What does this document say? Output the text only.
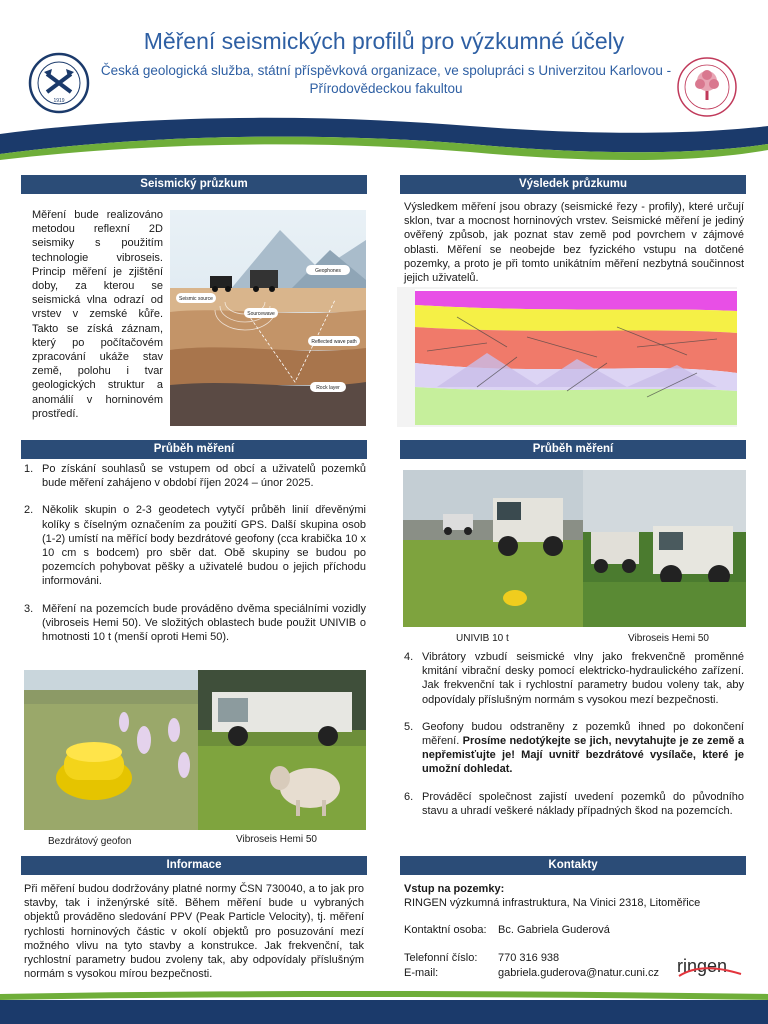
Měření seismických profilů pro výzkumné účely
1919
Česká geologická služba, státní příspěvková organizace, ve spolupráci s Univerzitou Karlovou - Přírodovědeckou fakultou
Seismický průzkum
Měření bude realizováno metodou reflexní 2D seismiky s použitím technologie vibroseis. Princip měření je zjištění doby, za kterou se seismická vlna odrazí od vrstev v zemské kůře. Takto se získá záznam, který po počítačovém zpracování ukáže stav země, polohu i tvar geologických struktur a anomálií v horninovém prostředí.
Geophones
Seismic source
Sourcewave
Reflected wave path
Rock layer
Výsledek průzkumu
Výsledkem měření jsou obrazy (seismické řezy - profily), které určují sklon, tvar a mocnost horninových vrstev. Seismické měření je jediný ověřený způsob, jak poznat stav země pod povrchem v zájmové oblasti. Měření se neobejde bez fyzického vstupu na dotčené pozemky, a proto je při tomto unikátním měření nezbytná součinnost jejich uživatelů.
Průběh měření
1. Po získání souhlasů se vstupem od obcí a uživatelů pozemků bude měření zahájeno v období říjen 2024 – únor 2025.
2. Několik skupin o 2-3 geodetech vytyčí průběh linií dřevěnými kolíky s číselným označením za použití GPS. Další skupina osob (1-2) umístí na měřící body bezdrátové geofony (cca krabička 10 x 10 cm s bodcem) pro sběr dat. Obě skupiny se budou po pozemcích pohybovat pěšky a uživatelé budou o jejich příchodu informováni.
3. Měření na pozemcích bude prováděno dvěma speciálními vozidly (vibroseis Hemi 50). Ve složitých oblastech bude použit UNIVIB o hmotnosti 10 t (menší oproti Hemi 50).
Bezdrátový geofon	Vibroseis Hemi 50
Průběh měření
UNIVIB 10 t	Vibroseis Hemi 50
4. Vibrátory vzbudí seismické vlny jako frekvenčně proměnné kmitání vibrační desky pomocí elektricko-hydraulického zařízení. Jak frekvenční tak i rychlostní parametry budou voleny tak, aby odpovídaly příslušným normám s vysokou mezí bezpečnosti.
5. Geofony budou odstraněny z pozemků ihned po dokončení měření. Prosíme nedotýkejte se jich, nevytahujte je ze země a nepřemisťujte je! Mají uvnitř bezdrátové vysílače, které je umožní dohledat.
6. Prováděcí společnost zajistí uvedení pozemků do původního stavu a uhradí veškeré náklady případných škod na pozemcích.
Informace
Při měření budou dodržovány platné normy ČSN 730040, a to jak pro stavby, tak i inženýrské sítě. Během měření bude u vybraných objektů prováděno sledování PPV (Peak Particle Velocity), tj. měření rychlosti horninových částic v okolí objektů pro posuzování mezí možného vlivu na tyto stavby a konstrukce. Jak frekvenční, tak rychlostní parametry budou zvoleny tak, aby odpovídaly příslušným normám s vysokou mírou bezpečnosti.
Kontakty
Vstup na pozemky:
RINGEN výzkumná infrastruktura, Na Vinici 2318, Litoměřice
Kontaktní osoba: Bc. Gabriela Guderová
Telefonní číslo: 770 316 938
E-mail:	gabriela.guderova@natur.cuni.cz ringen
